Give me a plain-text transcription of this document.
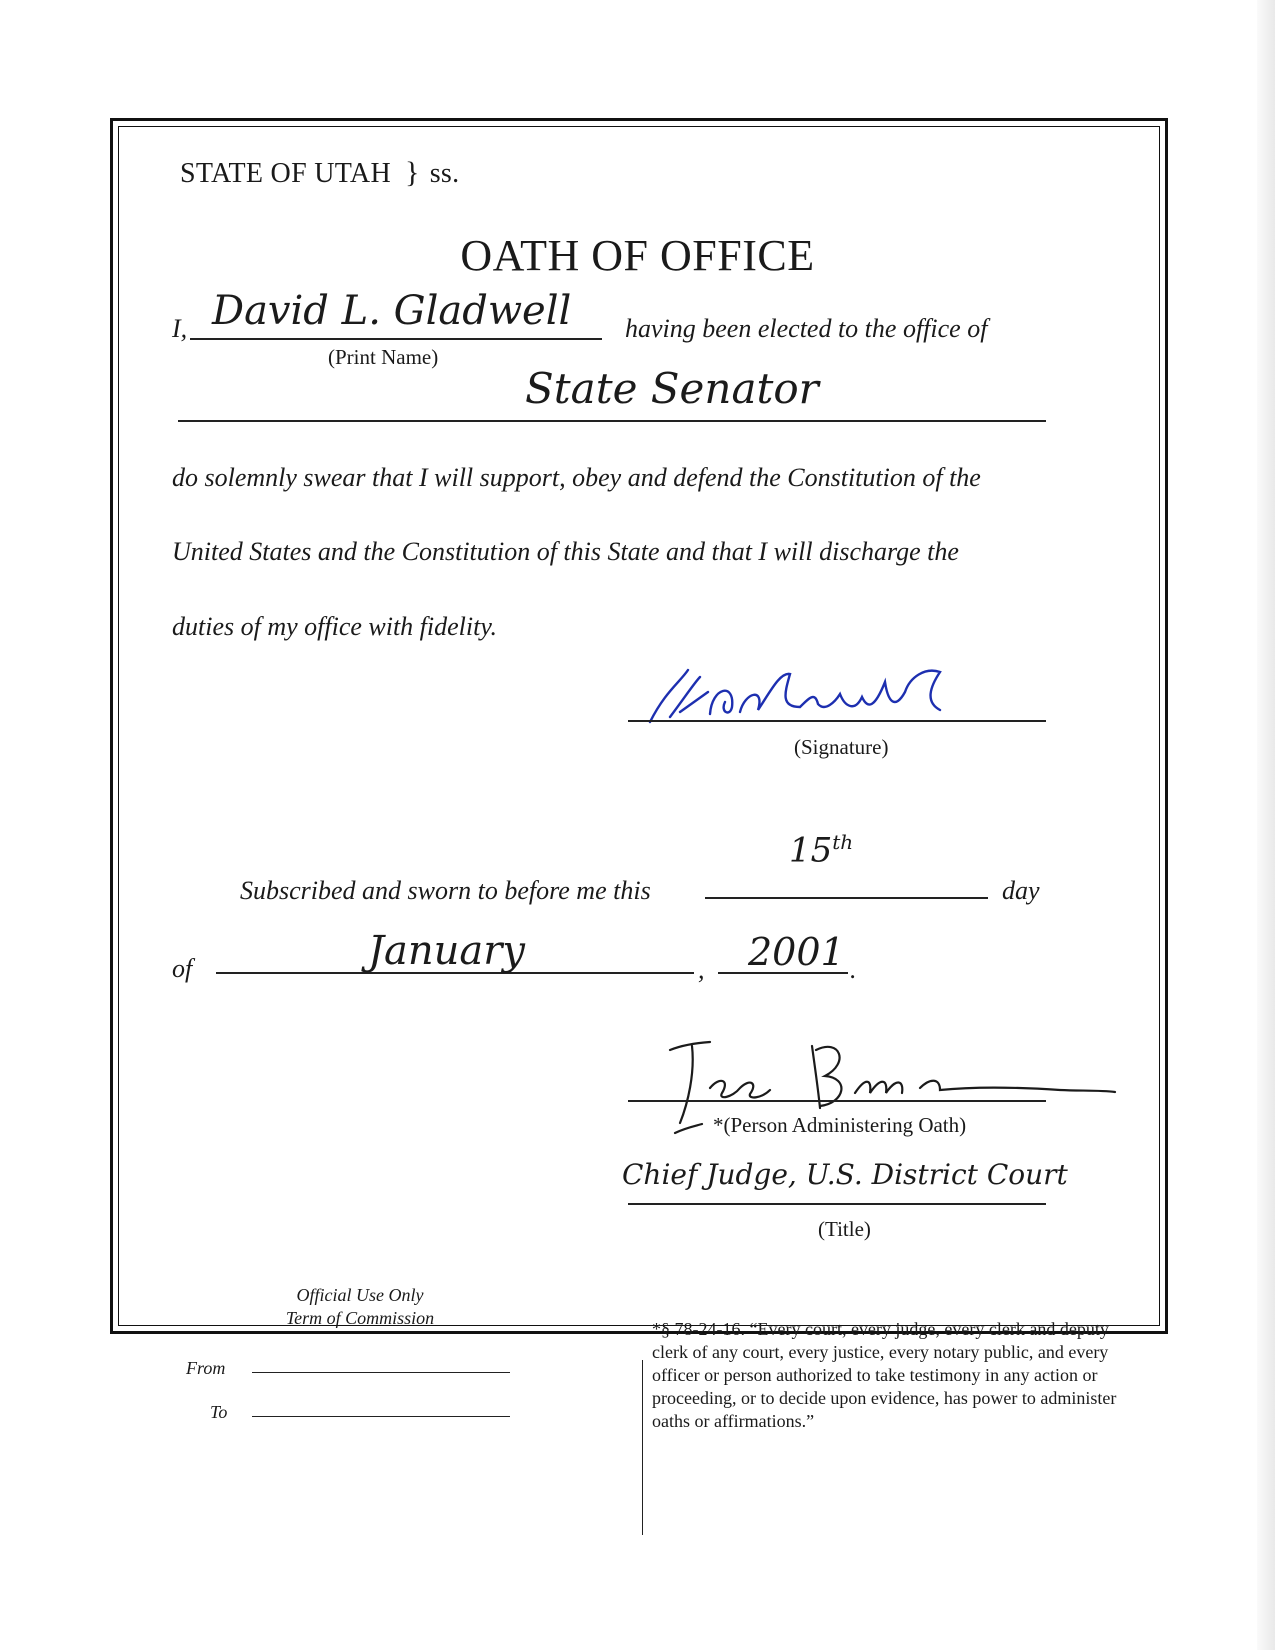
STATE OF UTAH } ss.
OATH OF OFFICE
I, David L. Gladwell having been elected to the office of
(Print Name)
State Senator
do solemnly swear that I will support, obey and defend the Constitution of the
United States and the Constitution of this State and that I will discharge the
duties of my office with fidelity.
(Signature)
15th
Subscribed and sworn to before me this	day
of	January	, 2001 .
*(Person Administering Oath)
Chief Judge, U.S. District Court
(Title)
Official Use Only
Term of Commission
From
To
*§ 78-24-16. “Every court, every judge, every clerk and deputy clerk of any court, every justice, every notary public, and every officer or person authorized to take testimony in any action or proceeding, or to decide upon evidence, has power to administer oaths or affirmations.”
